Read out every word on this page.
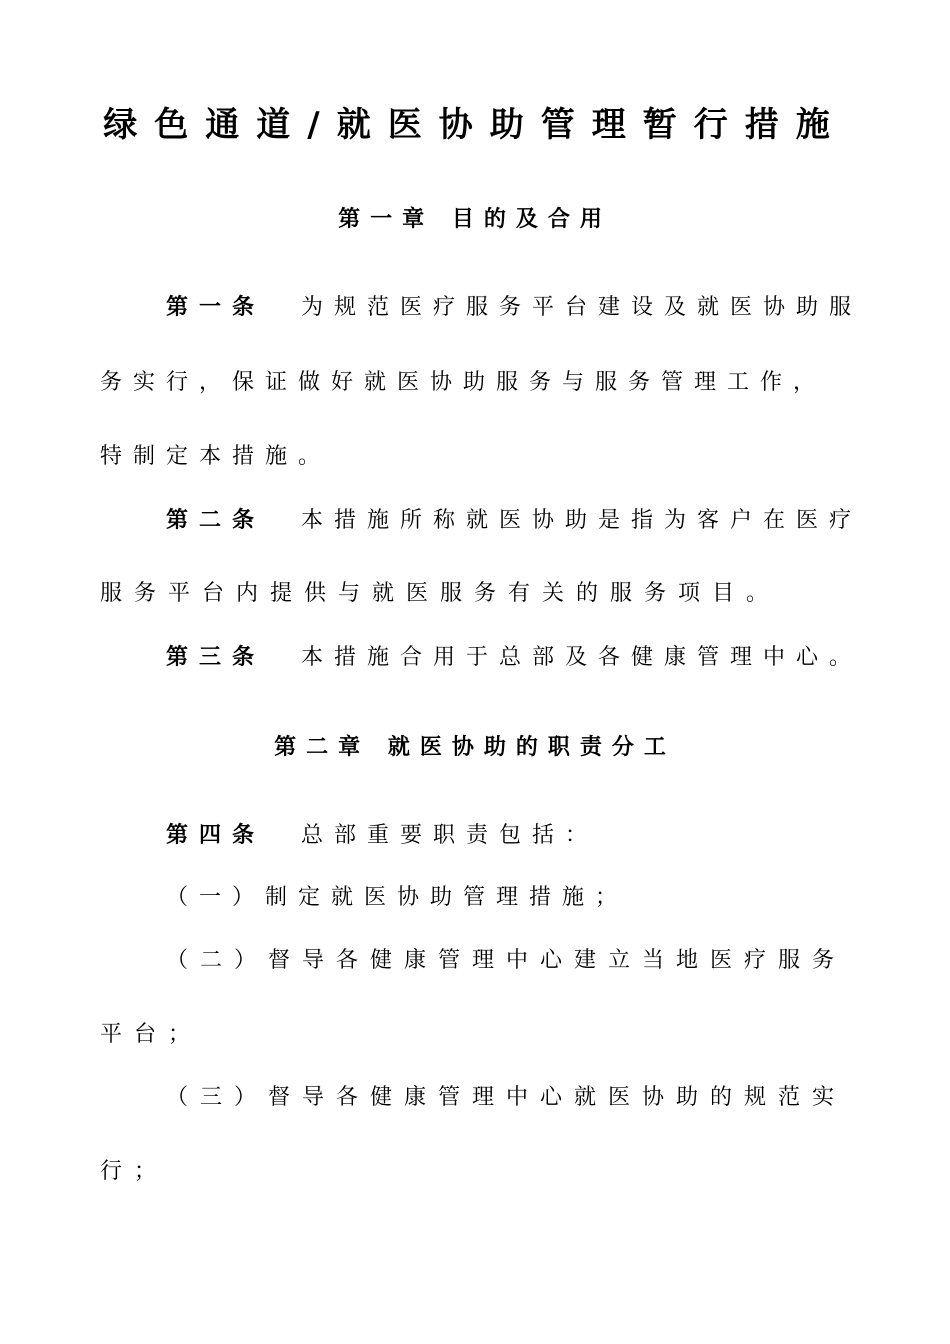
绿色通道/就医协助管理暂行措施
第一章 目的及合用
第一条 为规范医疗服务平台建设及就医协助服
务实行，保证做好就医协助服务与服务管理工作，
特制定本措施。
第二条 本措施所称就医协助是指为客户在医疗
服务平台内提供与就医服务有关的服务项目。
第三条 本措施合用于总部及各健康管理中心。
第二章 就医协助的职责分工
第四条 总部重要职责包括：
（一）制定就医协助管理措施；
（二）督导各健康管理中心建立当地医疗服务
平台；
（三）督导各健康管理中心就医协助的规范实
行；
